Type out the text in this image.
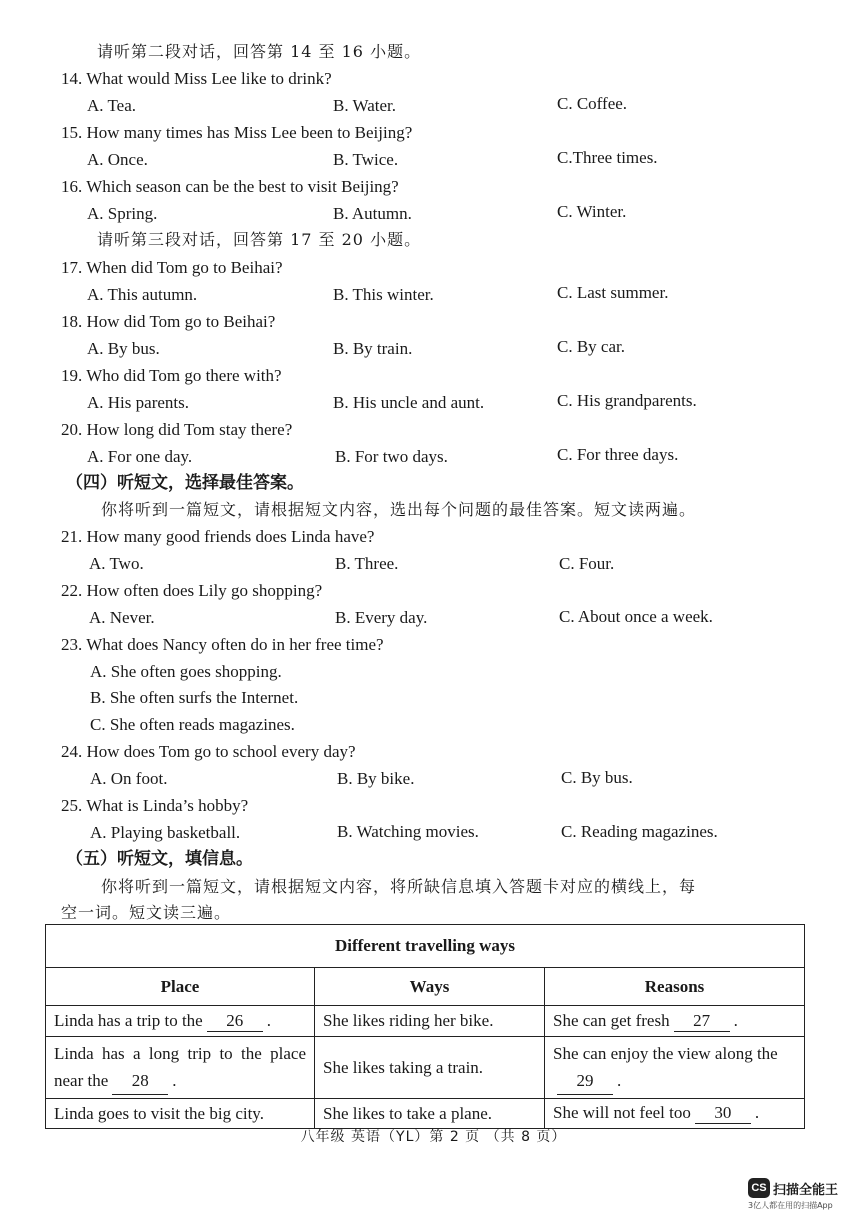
请听第二段对话，回答第 14 至 16 小题。
14. What would Miss Lee like to drink?
A. Tea.	B. Water.	C. Coffee.
15. How many times has Miss Lee been to Beijing?
A. Once.	B. Twice.	C.Three times.
16. Which season can be the best to visit Beijing?
A. Spring.	B. Autumn.	C. Winter.
请听第三段对话，回答第 17 至 20 小题。
17. When did Tom go to Beihai?
A. This autumn.	B. This winter.	C. Last summer.
18. How did Tom go to Beihai?
A. By bus.	B. By train.	C. By car.
19. Who did Tom go there with?
A. His parents.	B. His uncle and aunt.	C. His grandparents.
20. How long did Tom stay there?
A. For one day.	B. For two days.	C. For three days.
（四）听短文，选择最佳答案。
你将听到一篇短文，请根据短文内容，选出每个问题的最佳答案。短文读两遍。
21. How many good friends does Linda have?
A. Two.	B. Three.	C. Four.
22. How often does Lily go shopping?
A. Never.	B. Every day.	C. About once a week.
23. What does Nancy often do in her free time?
A. She often goes shopping.
B. She often surfs the Internet.
C. She often reads magazines.
24. How does Tom go to school every day?
A. On foot.	B. By bike.	C. By bus.
25. What is Linda’s hobby?
A. Playing basketball.	B. Watching movies.	C. Reading magazines.
（五）听短文，填信息。
你将听到一篇短文，请根据短文内容，将所缺信息填入答题卡对应的横线上，每
空一词。短文读三遍。
Different travelling ways		
Place	Ways	Reasons
Linda has a trip to the 26 .	She likes riding her bike.	She can get fresh 27 .
Linda has a long trip to the place near the 28 .	She likes taking a train.	She can enjoy the view along the29 .
Linda goes to visit the big city.	She likes to take a plane.	She will not feel too 30 .
八年级 英语（YL）第 2 页 （共 8 页）
CS 扫描全能王
3亿人都在用的扫描App
